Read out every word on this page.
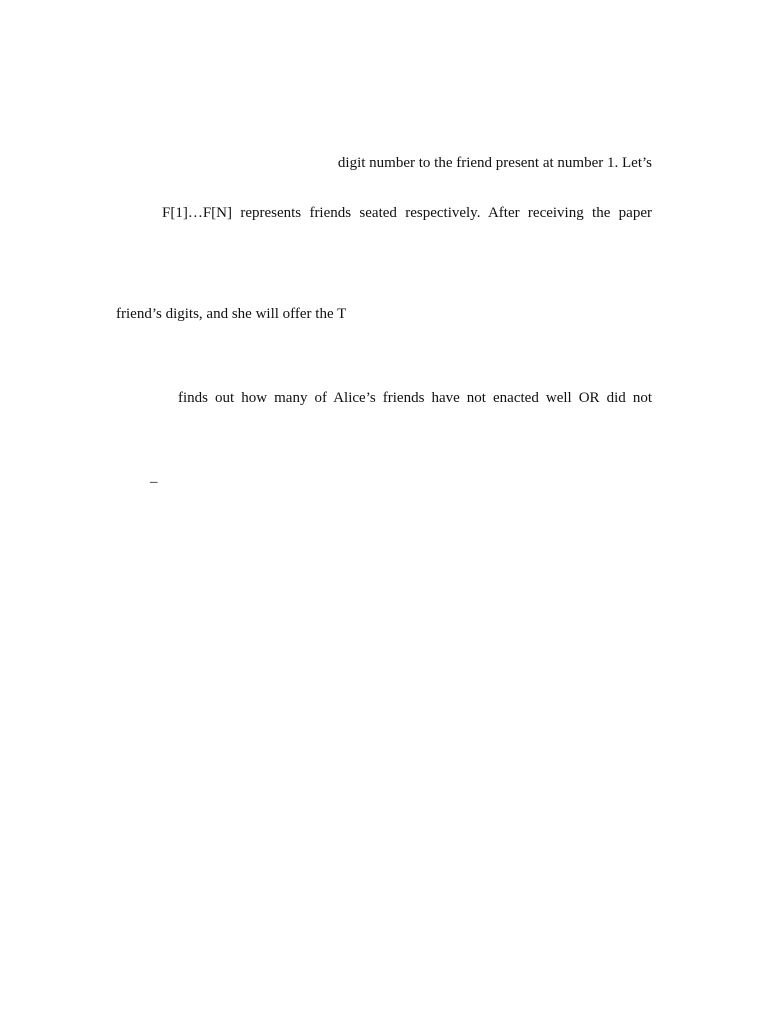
digit number to the friend present at number 1. Let’s
F[1]…F[N] represents friends seated respectively. After receiving the paper
friend’s digits, and she will offer the T
finds out how many of Alice’s friends have not enacted well OR did not
–
